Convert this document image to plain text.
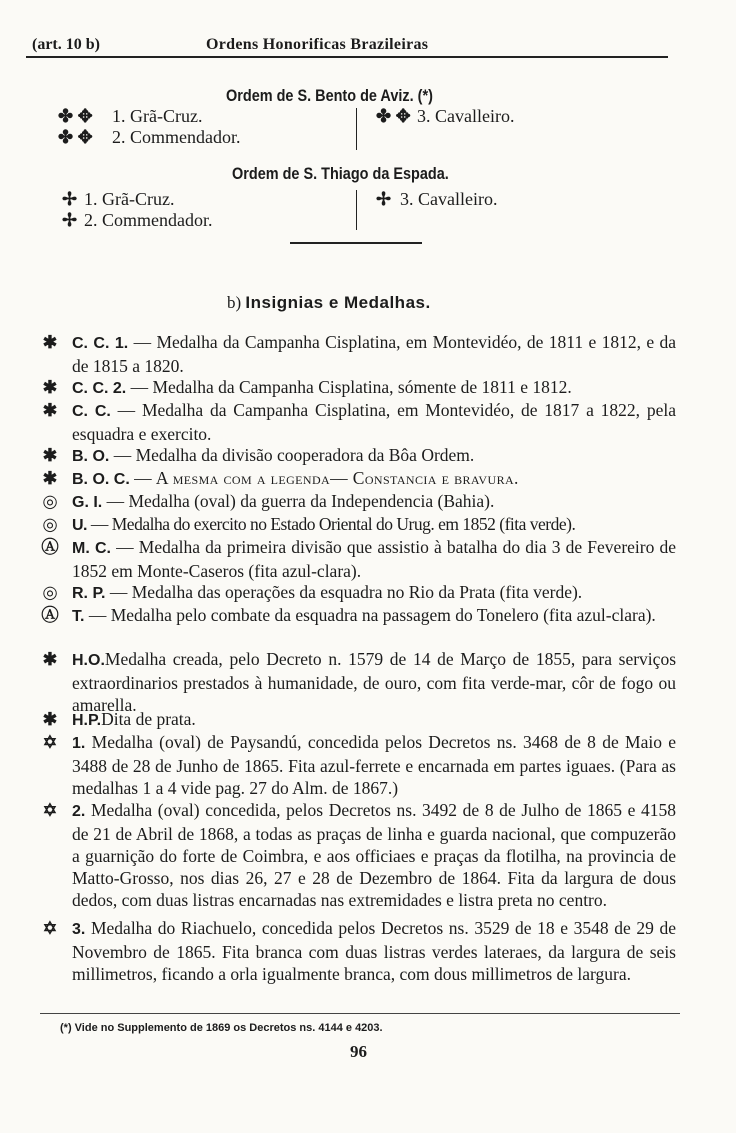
(art. 10 b)	Ordens Honorificas Brazileiras
Ordem de S. Bento de Aviz. (*)
✤ ✥ 1. Grã-Cruz.
✤ ✥ 2. Commendador.
✤ ✥ 3. Cavalleiro.
Ordem de S. Thiago da Espada.
✢ 1. Grã-Cruz.
✢ 2. Commendador.
✢ 3. Cavalleiro.
b) Insignias e Medalhas.
✱ C. C. 1. — Medalha da Campanha Cisplatina, em Montevidéo, de 1811 e 1812, e da de 1815 a 1820.
✱ C. C. 2. — Medalha da Campanha Cisplatina, sómente de 1811 e 1812.
✱ C. C. — Medalha da Campanha Cisplatina, em Montevidéo, de 1817 a 1822, pela esquadra e exercito.
✱ B. O. — Medalha da divisão cooperadora da Bôa Ordem.
✱ B. O. C. — A mesma com a legenda— Constancia e bravura.
◎ G. I. — Medalha (oval) da guerra da Independencia (Bahia).
◎ U. — Medalha do exercito no Estado Oriental do Urug. em 1852 (fita verde).
Ⓐ M. C. — Medalha da primeira divisão que assistio à batalha do dia 3 de Fevereiro de 1852 em Monte-Caseros (fita azul-clara).
◎ R. P. — Medalha das operações da esquadra no Rio da Prata (fita verde).
Ⓐ T. — Medalha pelo combate da esquadra na passagem do Tonelero (fita azul-clara).
✱ H.O.Medalha creada, pelo Decreto n. 1579 de 14 de Março de 1855, para serviços extraordinarios prestados à humanidade, de ouro, com fita verde-mar, côr de fogo ou amarella.
✱ H.P.Dita de prata.
✡ 1. Medalha (oval) de Paysandú, concedida pelos Decretos ns. 3468 de 8 de Maio e 3488 de 28 de Junho de 1865. Fita azul-ferrete e encarnada em partes iguaes. (Para as medalhas 1 a 4 vide pag. 27 do Alm. de 1867.)
✡ 2. Medalha (oval) concedida, pelos Decretos ns. 3492 de 8 de Julho de 1865 e 4158 de 21 de Abril de 1868, a todas as praças de linha e guarda nacional, que compuzerão a guarnição do forte de Coimbra, e aos officiaes e praças da flotilha, na provincia de Matto-Grosso, nos dias 26, 27 e 28 de Dezembro de 1864. Fita da largura de dous dedos, com duas listras encarnadas nas extremidades e listra preta no centro.
✡ 3. Medalha do Riachuelo, concedida pelos Decretos ns. 3529 de 18 e 3548 de 29 de Novembro de 1865. Fita branca com duas listras verdes lateraes, da largura de seis millimetros, ficando a orla igualmente branca, com dous millimetros de largura.
(*) Vide no Supplemento de 1869 os Decretos ns. 4144 e 4203.
96
